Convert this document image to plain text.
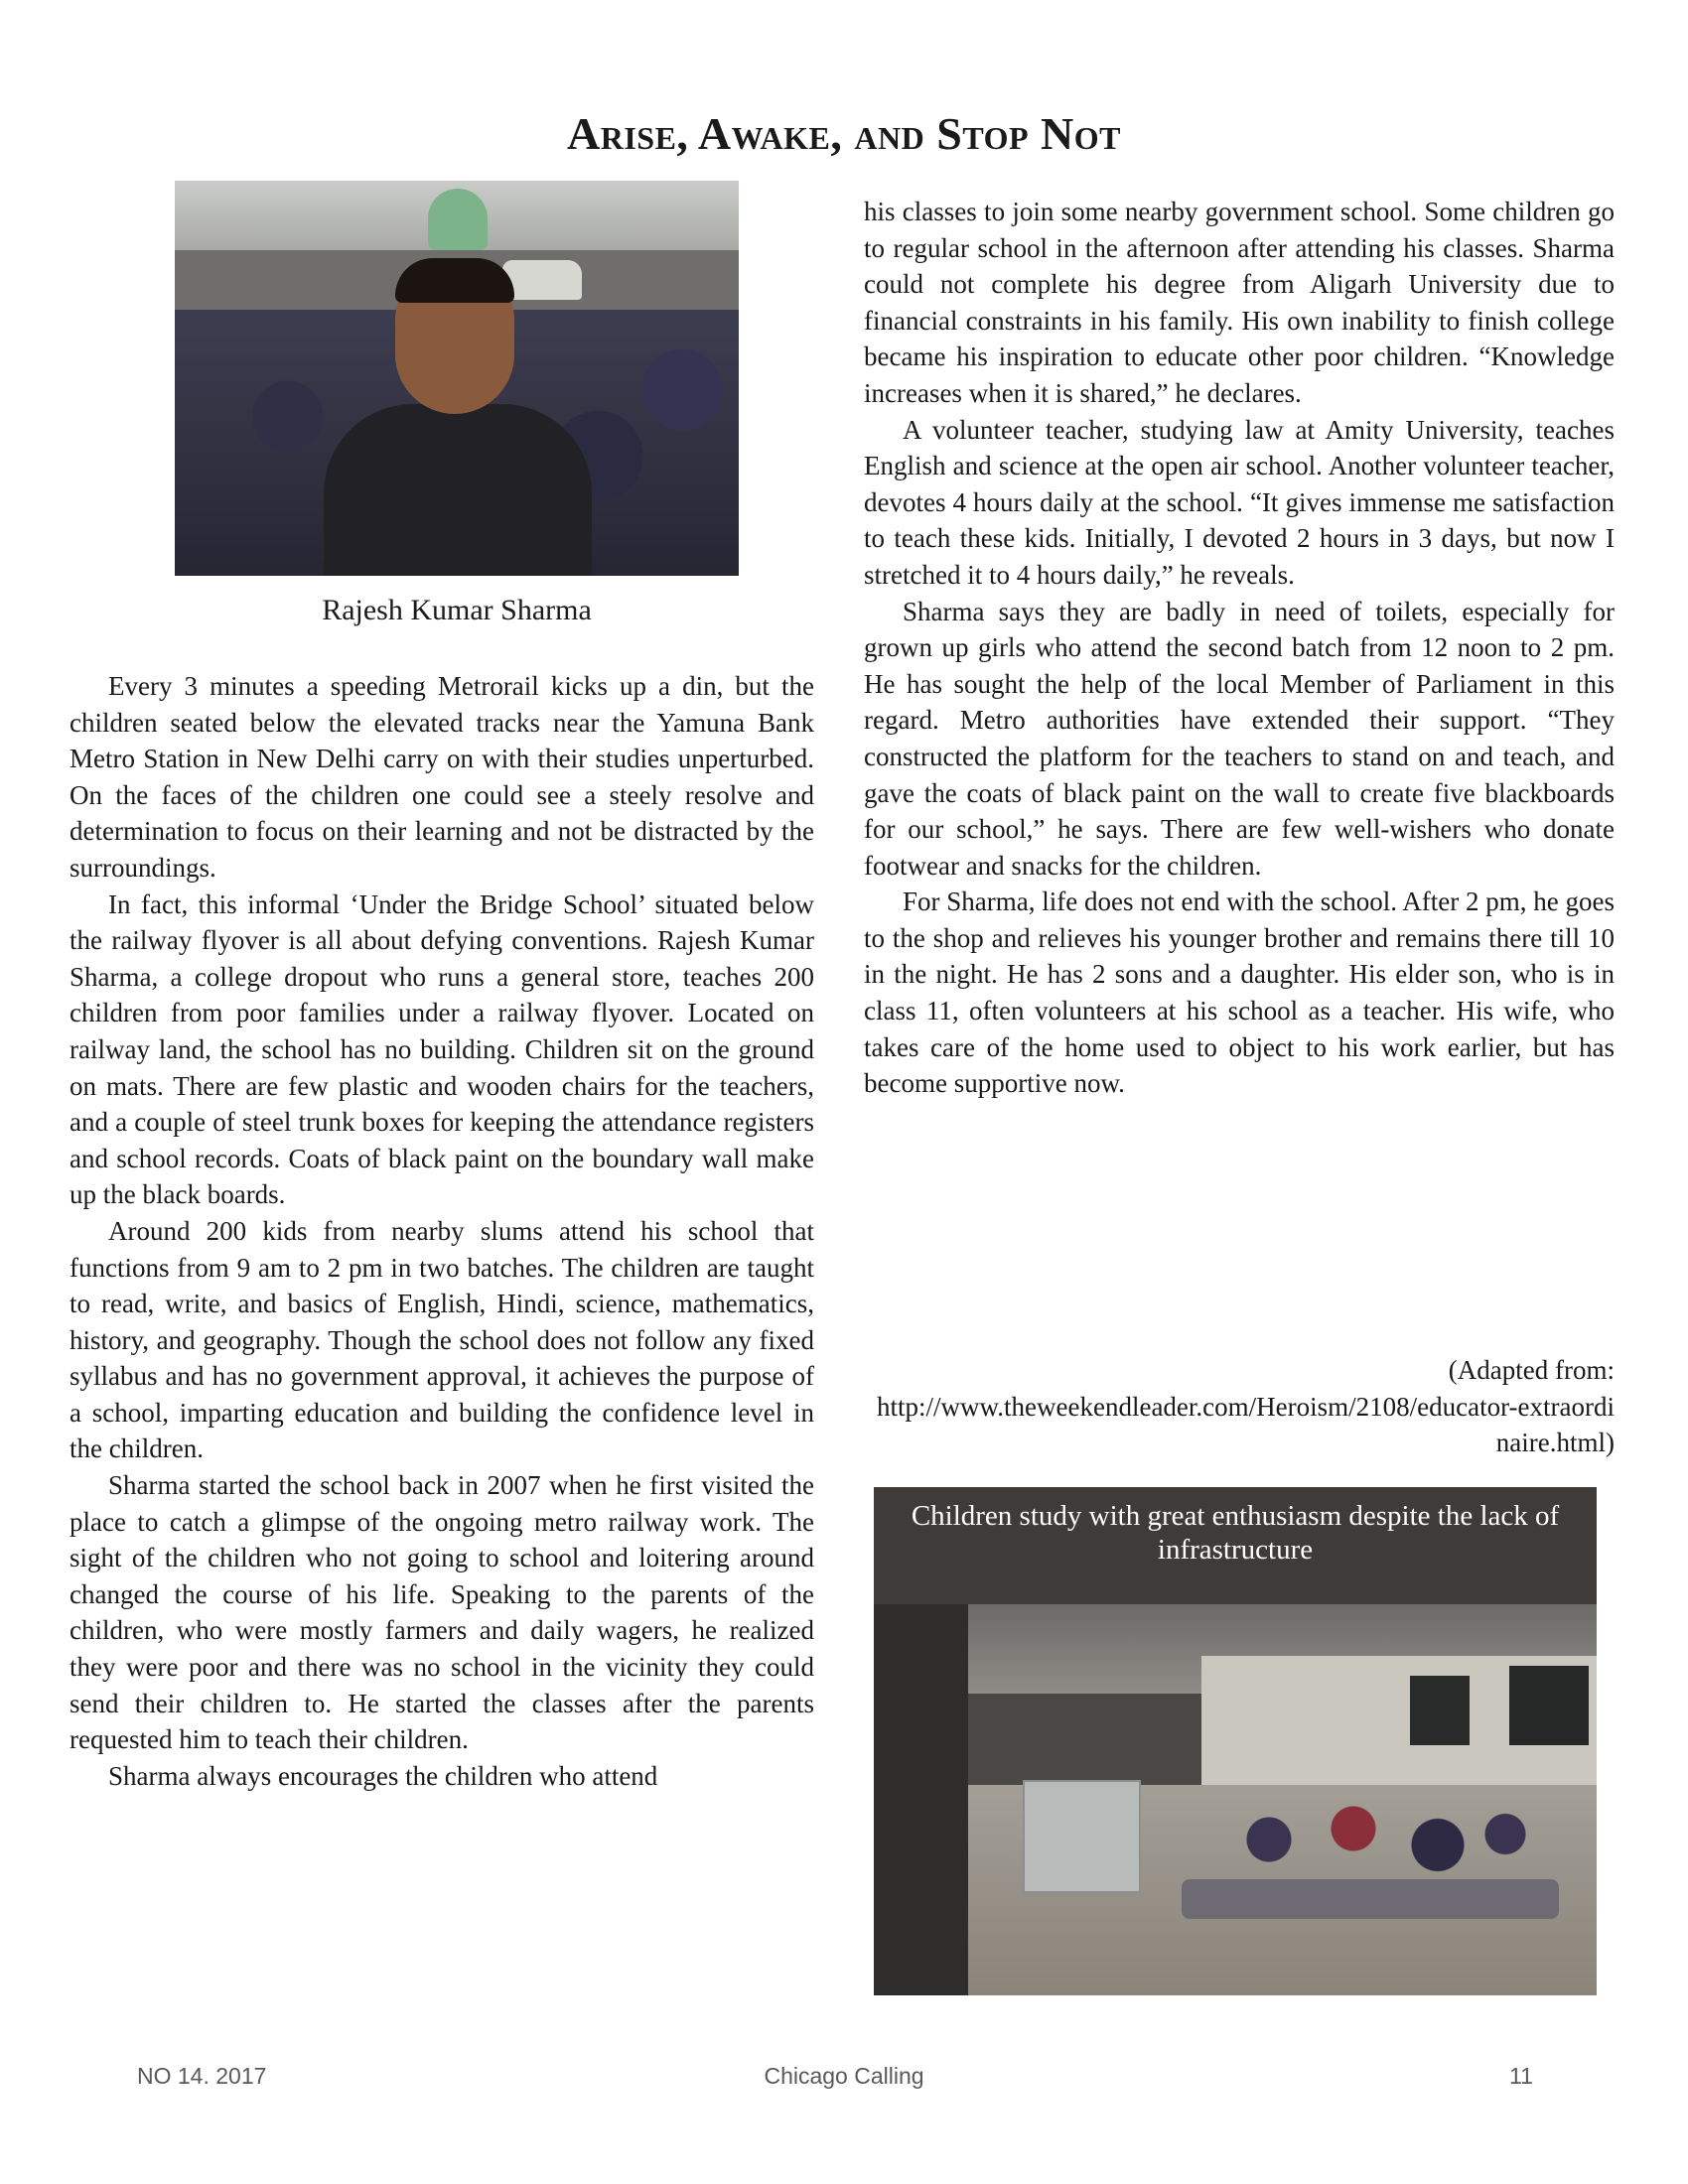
Arise, Awake, and Stop Not
Rajesh Kumar Sharma

Every 3 minutes a speeding Metrorail kicks up a din, but the children seated below the elevated tracks near the Yamuna Bank Metro Station in New Delhi carry on with their studies unperturbed. On the faces of the children one could see a steely resolve and determination to focus on their learning and not be distracted by the surroundings.

In fact, this informal ‘Under the Bridge School’ situated below the railway flyover is all about defying conventions. Rajesh Kumar Sharma, a college dropout who runs a general store, teaches 200 children from poor families under a railway flyover. Located on railway land, the school has no building. Children sit on the ground on mats. There are few plastic and wooden chairs for the teachers, and a couple of steel trunk boxes for keeping the attendance registers and school records. Coats of black paint on the boundary wall make up the black boards.

Around 200 kids from nearby slums attend his school that functions from 9 am to 2 pm in two batches. The children are taught to read, write, and basics of English, Hindi, science, mathematics, history, and geography. Though the school does not follow any fixed syllabus and has no government approval, it achieves the purpose of a school, imparting education and building the confidence level in the children.

Sharma started the school back in 2007 when he first visited the place to catch a glimpse of the ongoing metro railway work. The sight of the children who not going to school and loitering around changed the course of his life. Speaking to the parents of the children, who were mostly farmers and daily wagers, he realized they were poor and there was no school in the vicinity they could send their children to. He started the classes after the parents requested him to teach their children.

Sharma always encourages the children who attend

his classes to join some nearby government school. Some children go to regular school in the afternoon after attending his classes. Sharma could not complete his degree from Aligarh University due to financial constraints in his family. His own inability to finish college became his inspiration to educate other poor children. “Knowledge increases when it is shared,” he declares.

A volunteer teacher, studying law at Amity University, teaches English and science at the open air school. Another volunteer teacher, devotes 4 hours daily at the school. “It gives immense me satisfaction to teach these kids. Initially, I devoted 2 hours in 3 days, but now I stretched it to 4 hours daily,” he reveals.

Sharma says they are badly in need of toilets, especially for grown up girls who attend the second batch from 12 noon to 2 pm. He has sought the help of the local Member of Parliament in this regard. Metro authorities have extended their support. “They constructed the platform for the teachers to stand on and teach, and gave the coats of black paint on the wall to create five blackboards for our school,” he says. There are few well-wishers who donate footwear and snacks for the children.

For Sharma, life does not end with the school. After 2 pm, he goes to the shop and relieves his younger brother and remains there till 10 in the night. He has 2 sons and a daughter. His elder son, who is in class 11, often volunteers at his school as a teacher. His wife, who takes care of the home used to object to his work earlier, but has become supportive now.

(Adapted from:
http://www.theweekendleader.com/Heroism/2108/educator-extraordinaire.html)
Children study with great enthusiasm despite the lack of infrastructure
NO 14. 2017	Chicago Calling	11
